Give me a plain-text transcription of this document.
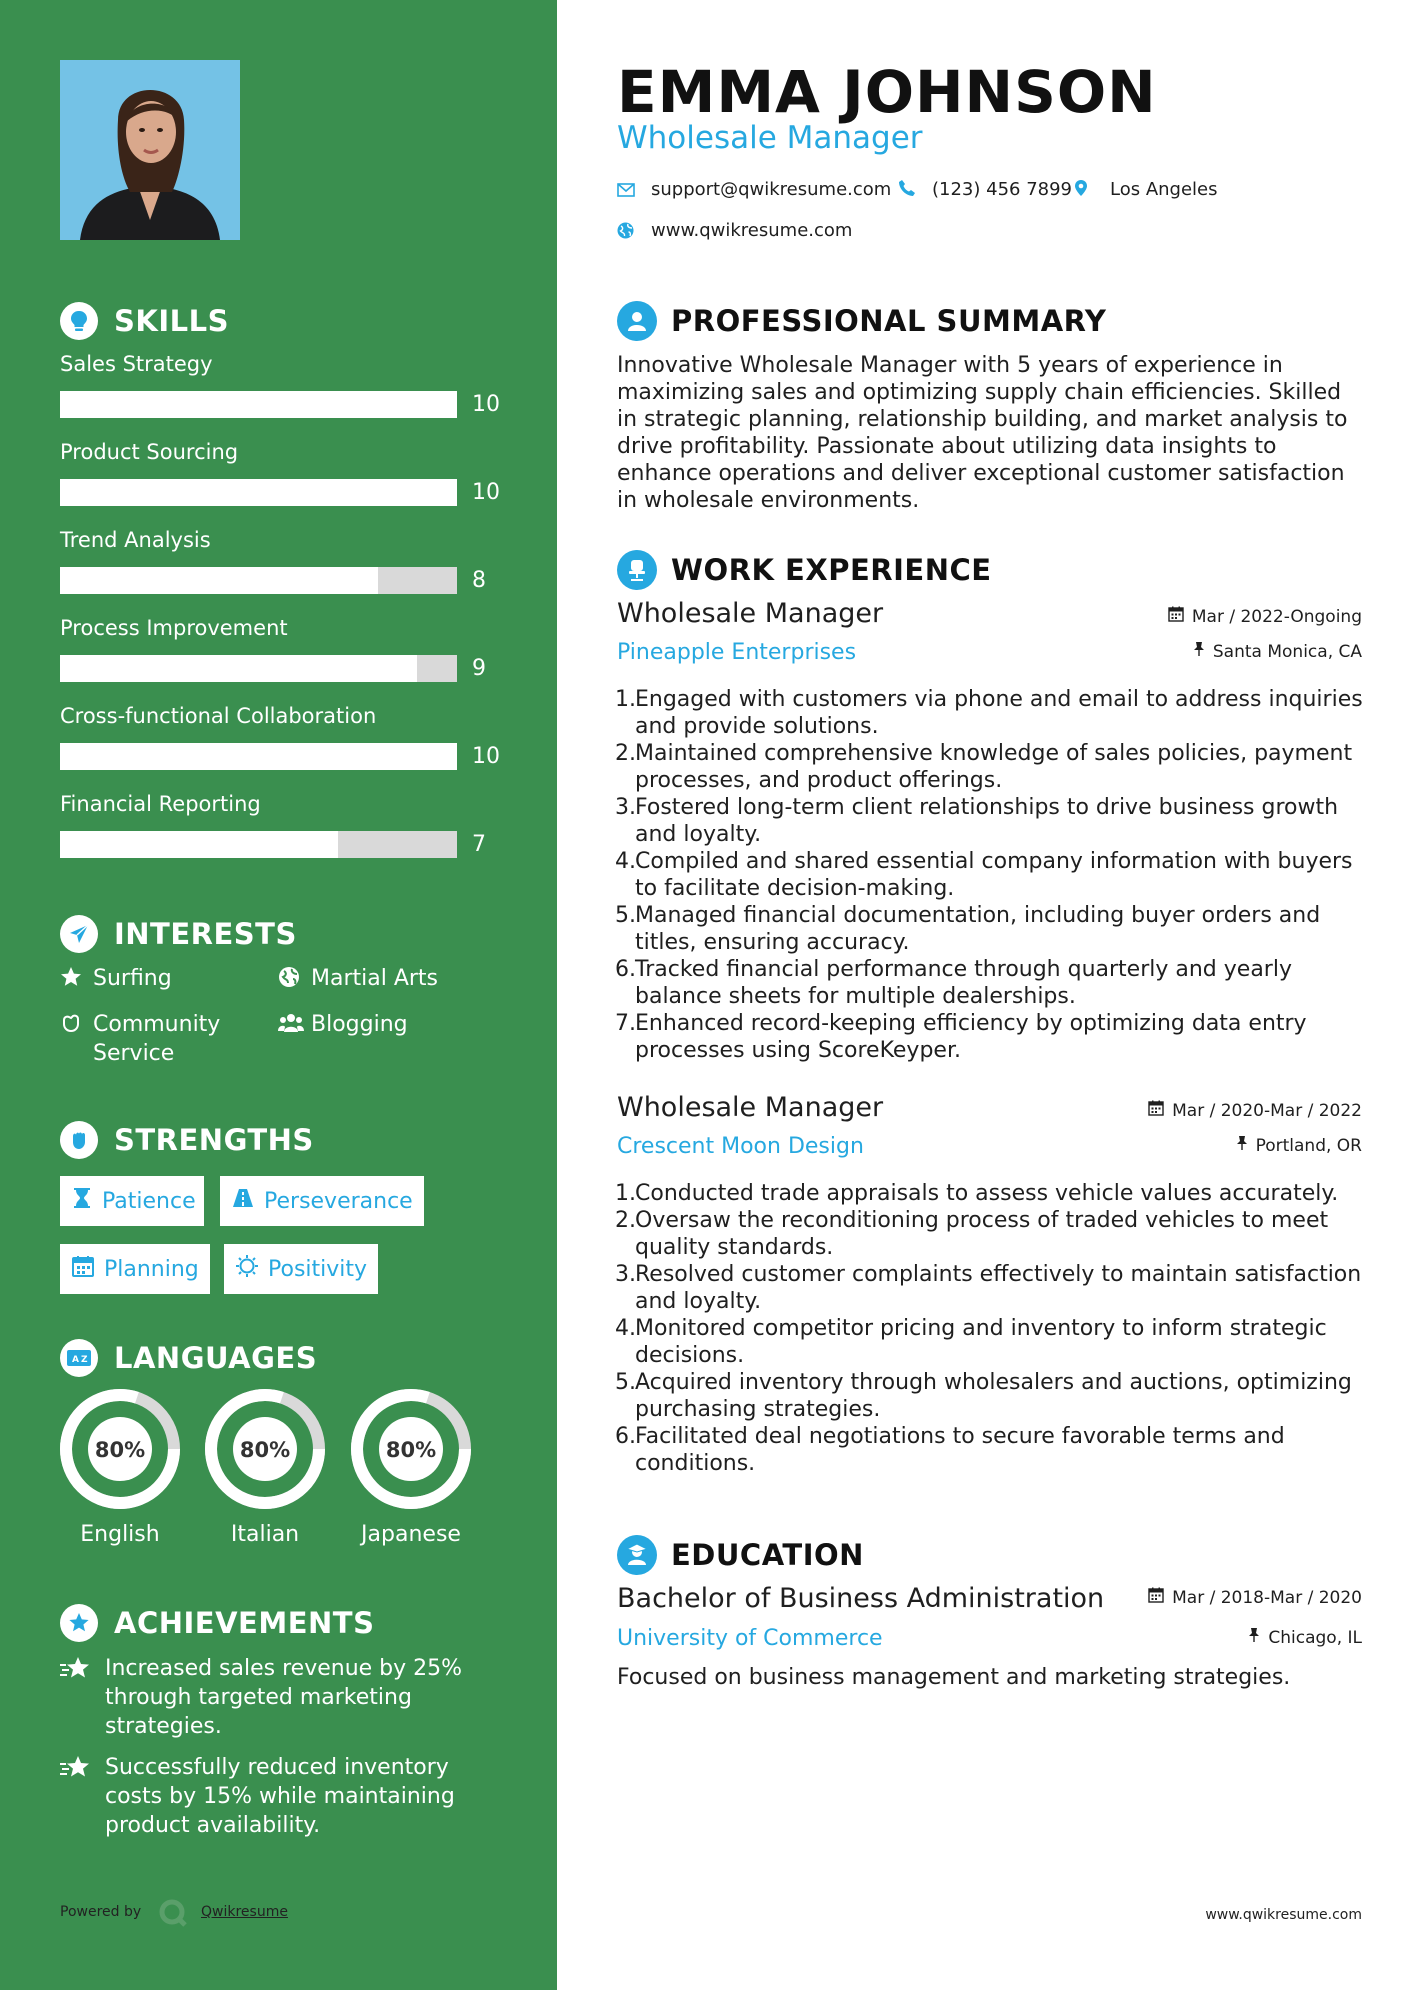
SKILLS
Sales Strategy
10
Product Sourcing
10
Trend Analysis
8
Process Improvement
9
Cross-functional Collaboration
10
Financial Reporting
7
INTERESTS
Surfing	Martial Arts
Community Service
Blogging
STRENGTHS
Patience	Perseverance
Planning	Positivity
A Z LANGUAGES
80%
English
80%
Italian
80%
Japanese
ACHIEVEMENTS
Increased sales revenue by 25% through targeted marketing strategies.
Successfully reduced inventory costs by 15% while maintaining product availability.
Powered by	Qwikresume
EMMA JOHNSON
Wholesale Manager
support@qwikresume.com (123) 456 7899 Los Angeles
www.qwikresume.com
PROFESSIONAL SUMMARY
Innovative Wholesale Manager with 5 years of experience in maximizing sales and optimizing supply chain efficiencies. Skilled in strategic planning, relationship building, and market analysis to drive profitability. Passionate about utilizing data insights to enhance operations and deliver exceptional customer satisfaction in wholesale environments.
WORK EXPERIENCE
Wholesale Manager
Pineapple Enterprises
Mar / 2022-Ongoing
Santa Monica, CA
1. Engaged with customers via phone and email to address inquiries and provide solutions.
2. Maintained comprehensive knowledge of sales policies, payment processes, and product offerings.
3. Fostered long-term client relationships to drive business growth and loyalty.
4. Compiled and shared essential company information with buyers to facilitate decision-making.
5. Managed financial documentation, including buyer orders and titles, ensuring accuracy.
6. Tracked financial performance through quarterly and yearly balance sheets for multiple dealerships.
7. Enhanced record-keeping efficiency by optimizing data entry processes using ScoreKeyper.
Wholesale Manager
Crescent Moon Design
Mar / 2020-Mar / 2022
Portland, OR
1. Conducted trade appraisals to assess vehicle values accurately.
2. Oversaw the reconditioning process of traded vehicles to meet quality standards.
3. Resolved customer complaints effectively to maintain satisfaction and loyalty.
4. Monitored competitor pricing and inventory to inform strategic decisions.
5. Acquired inventory through wholesalers and auctions, optimizing purchasing strategies.
6. Facilitated deal negotiations to secure favorable terms and conditions.
EDUCATION
Bachelor of Business Administration
University of Commerce
Mar / 2018-Mar / 2020
Chicago, IL
Focused on business management and marketing strategies.
www.qwikresume.com
